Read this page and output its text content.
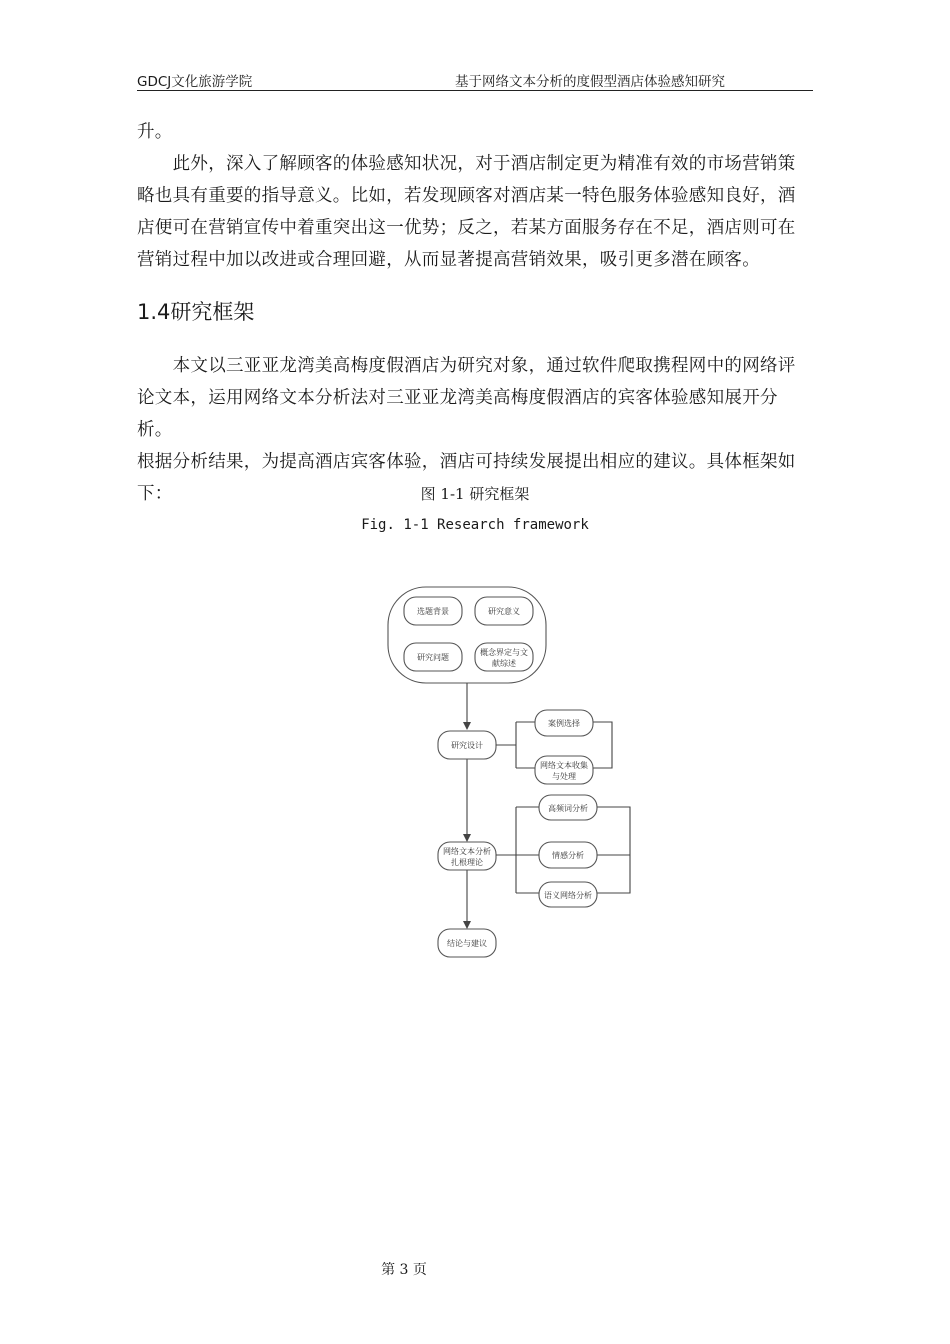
GDCJ文化旅游学院	基于网络文本分析的度假型酒店体验感知研究
升。
　　此外，深入了解顾客的体验感知状况，对于酒店制定更为精准有效的市场营销策
略也具有重要的指导意义。比如，若发现顾客对酒店某一特色服务体验感知良好，酒
店便可在营销宣传中着重突出这一优势；反之，若某方面服务存在不足，酒店则可在
营销过程中加以改进或合理回避，从而显著提高营销效果，吸引更多潜在顾客。
1.4研究框架
　　本文以三亚亚龙湾美高梅度假酒店为研究对象，通过软件爬取携程网中的网络评
论文本，运用网络文本分析法对三亚亚龙湾美高梅度假酒店的宾客体验感知展开分析。
根据分析结果，为提高酒店宾客体验，酒店可持续发展提出相应的建议。具体框架如
下：	图 1-1 研究框架
Fig. 1-1 Research framework
选题背景	研究意义
研究问题
概念界定与文
献综述
研究设计
案例选择
网络文本收集
与处理
网络文本分析
扎根理论
高频词分析
情感分析
语义网络分析
结论与建议
第 3 页
